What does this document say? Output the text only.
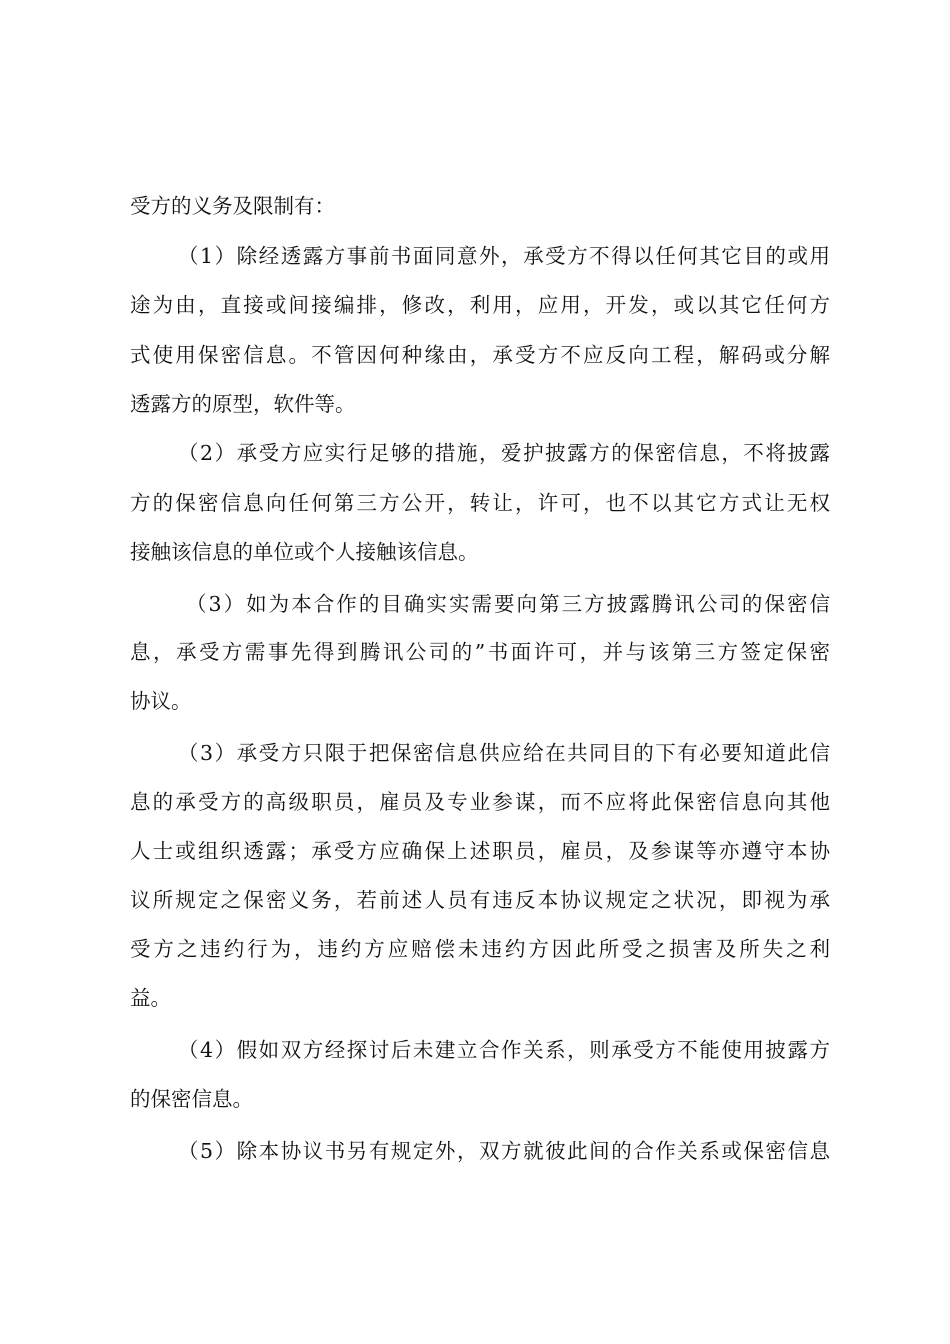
受方的义务及限制有：
（1）除经透露方事前书面同意外，承受方不得以任何其它目的或用
途为由，直接或间接编排，修改，利用，应用，开发，或以其它任何方
式使用保密信息。不管因何种缘由，承受方不应反向工程，解码或分解
透露方的原型，软件等。
（2）承受方应实行足够的措施，爱护披露方的保密信息，不将披露
方的保密信息向任何第三方公开，转让，许可，也不以其它方式让无权
接触该信息的单位或个人接触该信息。
（3）如为本合作的目确实实需要向第三方披露腾讯公司的保密信
息，承受方需事先得到腾讯公司的”书面许可，并与该第三方签定保密
协议。
（3）承受方只限于把保密信息供应给在共同目的下有必要知道此信
息的承受方的高级职员，雇员及专业参谋，而不应将此保密信息向其他
人士或组织透露；承受方应确保上述职员，雇员，及参谋等亦遵守本协
议所规定之保密义务，若前述人员有违反本协议规定之状况，即视为承
受方之违约行为，违约方应赔偿未违约方因此所受之损害及所失之利
益。
（4）假如双方经探讨后未建立合作关系，则承受方不能使用披露方
的保密信息。
（5）除本协议书另有规定外，双方就彼此间的合作关系或保密信息
